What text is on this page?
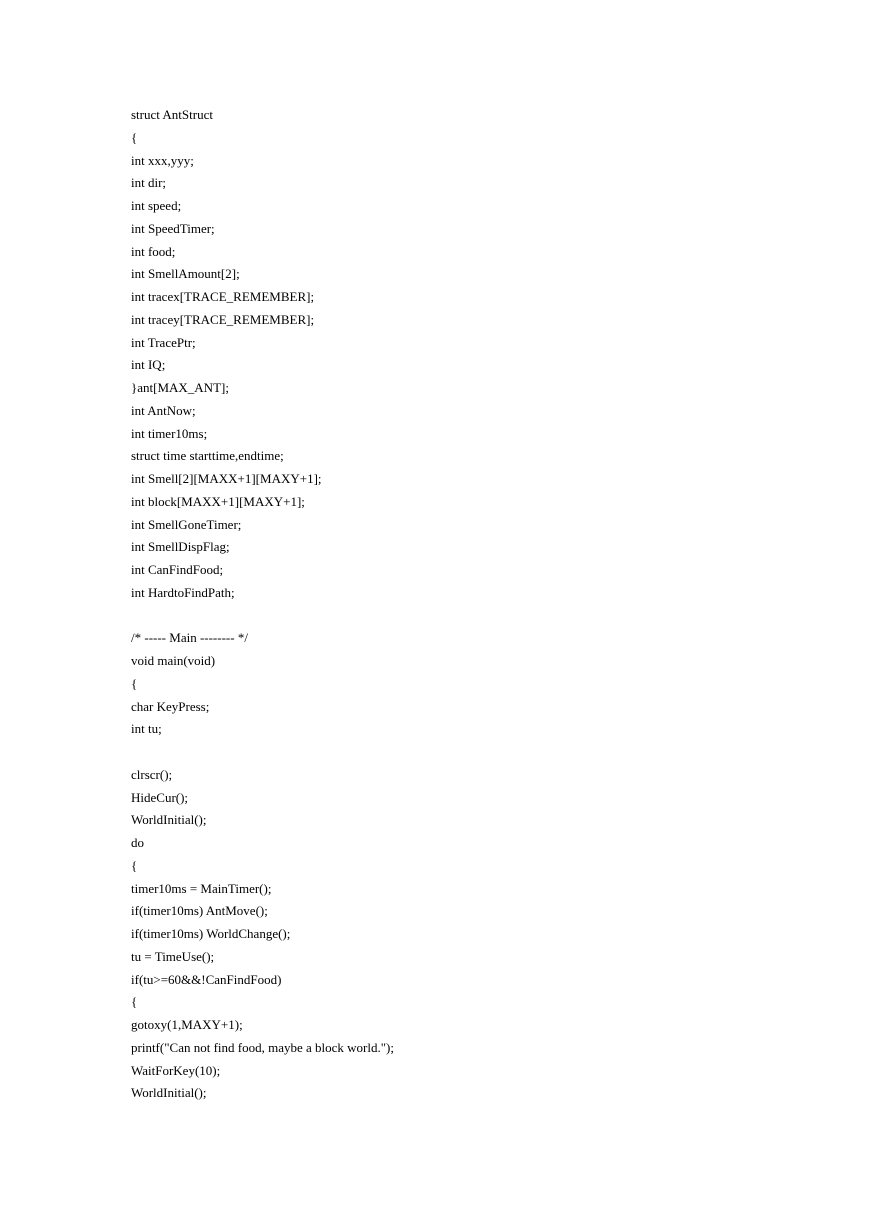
struct AntStruct
{
int xxx,yyy;
int dir;
int speed;
int SpeedTimer;
int food;
int SmellAmount[2];
int tracex[TRACE_REMEMBER];
int tracey[TRACE_REMEMBER];
int TracePtr;
int IQ;
}ant[MAX_ANT];
int AntNow;
int timer10ms;
struct time starttime,endtime;
int Smell[2][MAXX+1][MAXY+1];
int block[MAXX+1][MAXY+1];
int SmellGoneTimer;
int SmellDispFlag;
int CanFindFood;
int HardtoFindPath;
/* ----- Main -------- */
void main(void)
{
char KeyPress;
int tu;
clrscr();
HideCur();
WorldInitial();
do
{
timer10ms = MainTimer();
if(timer10ms) AntMove();
if(timer10ms) WorldChange();
tu = TimeUse();
if(tu>=60&&!CanFindFood)
{
gotoxy(1,MAXY+1);
printf("Can not find food, maybe a block world.");
WaitForKey(10);
WorldInitial();
